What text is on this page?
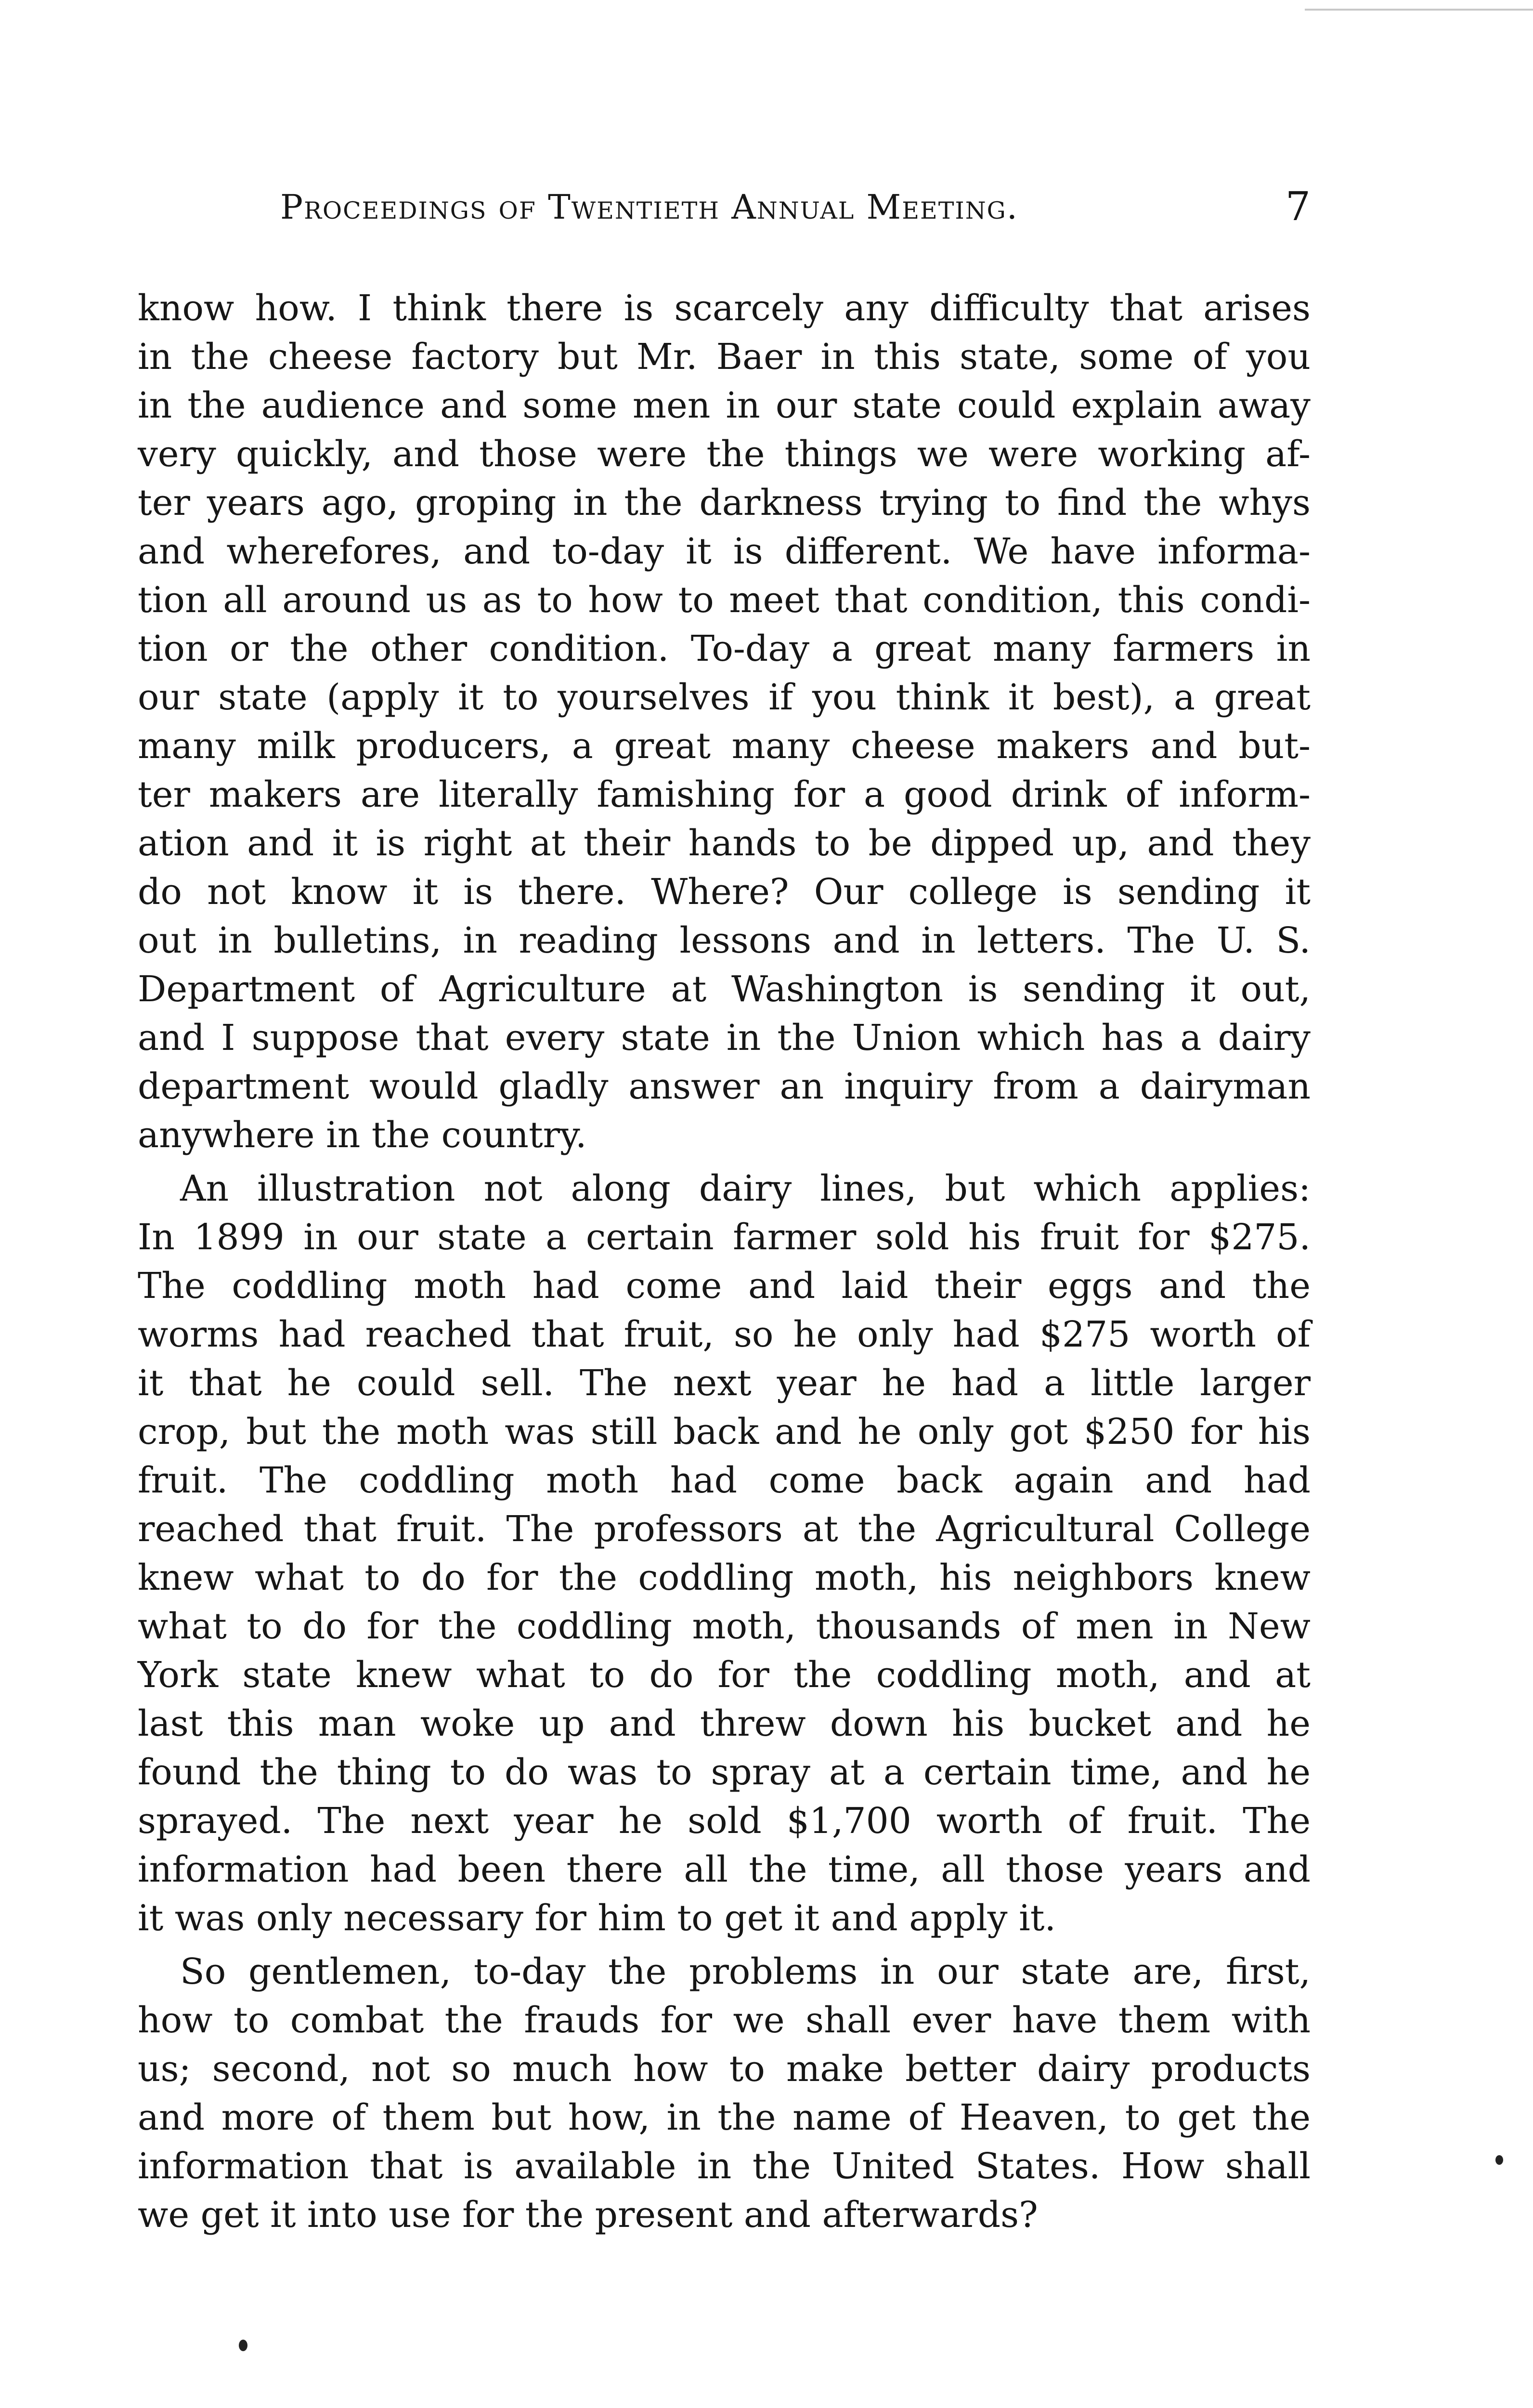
Proceedings of Twentieth Annual Meeting.	7
know how. I think there is scarcely any difficulty that arises
in the cheese factory but Mr. Baer in this state, some of you
in the audience and some men in our state could explain away
very quickly, and those were the things we were working af-
ter years ago, groping in the darkness trying to find the whys
and wherefores, and to-day it is different. We have informa-
tion all around us as to how to meet that condition, this condi-
tion or the other condition. To-day a great many farmers in
our state (apply it to yourselves if you think it best), a great
many milk producers, a great many cheese makers and but-
ter makers are literally famishing for a good drink of inform-
ation and it is right at their hands to be dipped up, and they
do not know it is there. Where? Our college is sending it
out in bulletins, in reading lessons and in letters. The U. S.
Department of Agriculture at Washington is sending it out,
and I suppose that every state in the Union which has a dairy
department would gladly answer an inquiry from a dairyman
anywhere in the country.
An illustration not along dairy lines, but which applies:
In 1899 in our state a certain farmer sold his fruit for $275.
The coddling moth had come and laid their eggs and the
worms had reached that fruit, so he only had $275 worth of
it that he could sell. The next year he had a little larger
crop, but the moth was still back and he only got $250 for his
fruit. The coddling moth had come back again and had
reached that fruit. The professors at the Agricultural College
knew what to do for the coddling moth, his neighbors knew
what to do for the coddling moth, thousands of men in New
York state knew what to do for the coddling moth, and at
last this man woke up and threw down his bucket and he
found the thing to do was to spray at a certain time, and he
sprayed. The next year he sold $1,700 worth of fruit. The
information had been there all the time, all those years and
it was only necessary for him to get it and apply it.
So gentlemen, to-day the problems in our state are, first,
how to combat the frauds for we shall ever have them with
us; second, not so much how to make better dairy products
and more of them but how, in the name of Heaven, to get the
information that is available in the United States. How shall
we get it into use for the present and afterwards?
